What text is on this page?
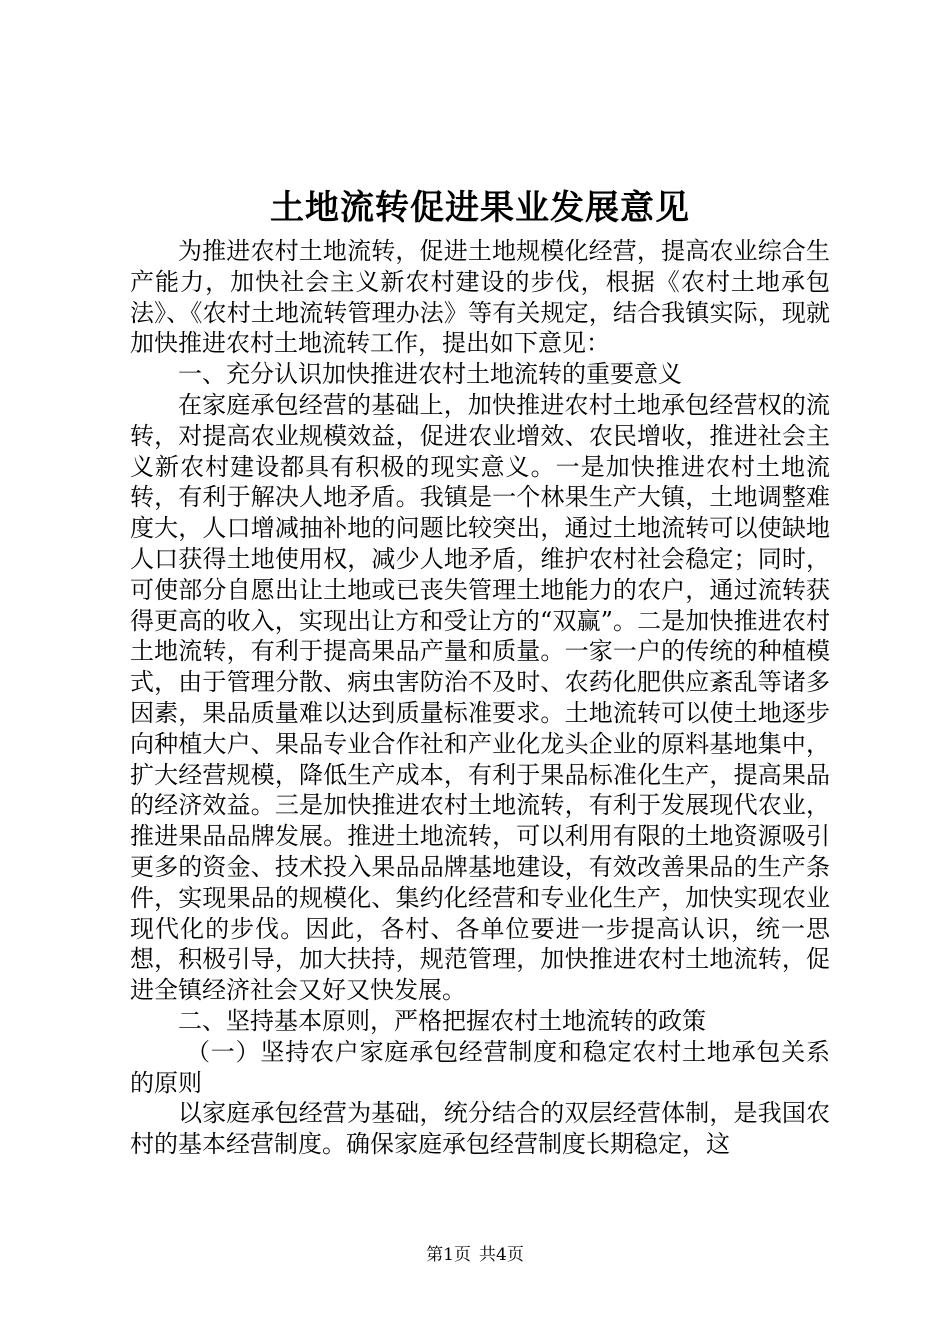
土地流转促进果业发展意见

为推进农村土地流转，促进土地规模化经营，提高农业综合生产能力，加快社会主义新农村建设的步伐，根据《农村土地承包法》、《农村土地流转管理办法》等有关规定，结合我镇实际，现就加快推进农村土地流转工作，提出如下意见：

一、充分认识加快推进农村土地流转的重要意义

在家庭承包经营的基础上，加快推进农村土地承包经营权的流转，对提高农业规模效益，促进农业增效、农民增收，推进社会主义新农村建设都具有积极的现实意义。一是加快推进农村土地流转，有利于解决人地矛盾。我镇是一个林果生产大镇，土地调整难度大，人口增减抽补地的问题比较突出，通过土地流转可以使缺地人口获得土地使用权，减少人地矛盾，维护农村社会稳定；同时，可使部分自愿出让土地或已丧失管理土地能力的农户，通过流转获得更高的收入，实现出让方和受让方的“双赢”。二是加快推进农村土地流转，有利于提高果品产量和质量。一家一户的传统的种植模式，由于管理分散、病虫害防治不及时、农药化肥供应紊乱等诸多因素，果品质量难以达到质量标准要求。土地流转可以使土地逐步向种植大户、果品专业合作社和产业化龙头企业的原料基地集中，扩大经营规模，降低生产成本，有利于果品标准化生产，提高果品的经济效益。三是加快推进农村土地流转，有利于发展现代农业，推进果品品牌发展。推进土地流转，可以利用有限的土地资源吸引更多的资金、技术投入果品品牌基地建设，有效改善果品的生产条件，实现果品的规模化、集约化经营和专业化生产，加快实现农业现代化的步伐。因此，各村、各单位要进一步提高认识，统一思想，积极引导，加大扶持，规范管理，加快推进农村土地流转，促进全镇经济社会又好又快发展。

二、坚持基本原则，严格把握农村土地流转的政策

（一）坚持农户家庭承包经营制度和稳定农村土地承包关系的原则

以家庭承包经营为基础，统分结合的双层经营体制，是我国农村的基本经营制度。确保家庭承包经营制度长期稳定，这

第1页 共4页
